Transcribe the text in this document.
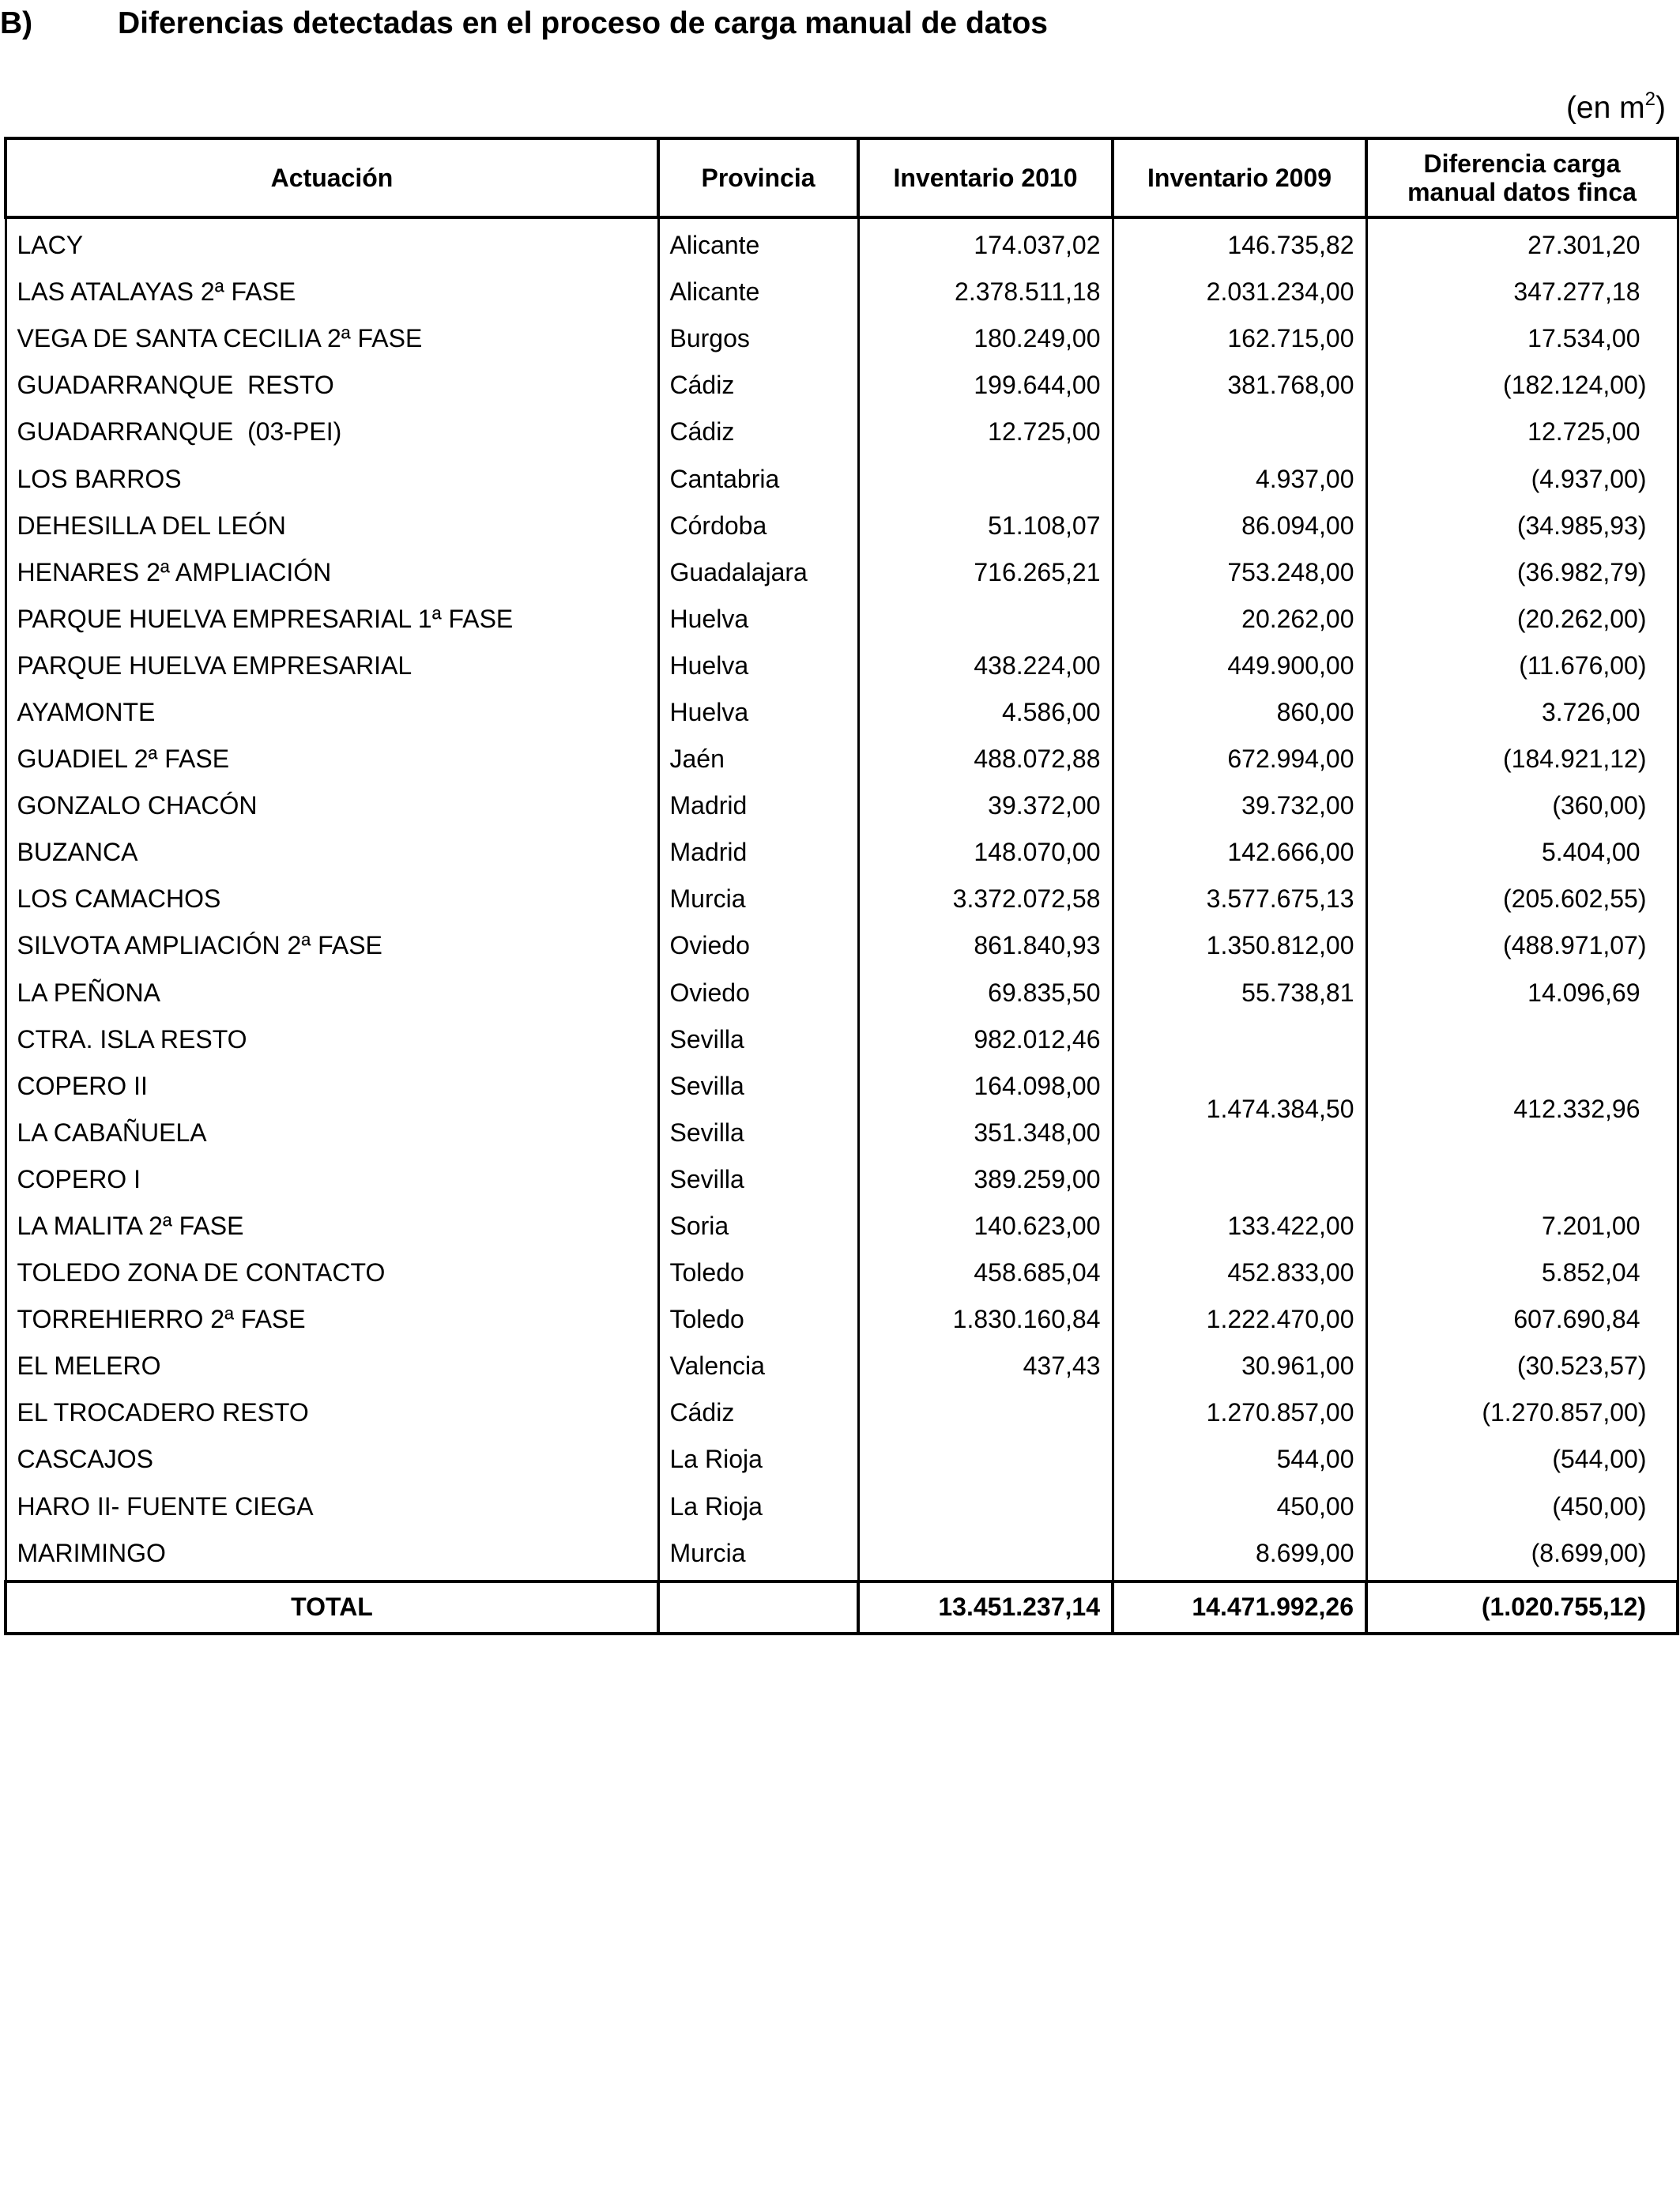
B)	Diferencias detectadas en el proceso de carga manual de datos
(en $m^2$)
Actuación	Provincia	Inventario 2010	Inventario 2009	Diferencia carga
manual datos finca
LACY	Alicante	174.037,02	146.735,82	27.301,20
LAS ATALAYAS 2ª FASE	Alicante	2.378.511,18	2.031.234,00	347.277,18
VEGA DE SANTA CECILIA 2ª FASE	Burgos	180.249,00	162.715,00	17.534,00
GUADARRANQUE  RESTO	Cádiz	199.644,00	381.768,00	(182.124,00)
GUADARRANQUE  (03-PEI)	Cádiz	12.725,00		12.725,00
LOS BARROS	Cantabria		4.937,00	(4.937,00)
DEHESILLA DEL LEÓN	Córdoba	51.108,07	86.094,00	(34.985,93)
HENARES 2ª AMPLIACIÓN	Guadalajara	716.265,21	753.248,00	(36.982,79)
PARQUE HUELVA EMPRESARIAL 1ª FASE	Huelva		20.262,00	(20.262,00)
PARQUE HUELVA EMPRESARIAL	Huelva	438.224,00	449.900,00	(11.676,00)
AYAMONTE	Huelva	4.586,00	860,00	3.726,00
GUADIEL 2ª FASE	Jaén	488.072,88	672.994,00	(184.921,12)
GONZALO CHACÓN	Madrid	39.372,00	39.732,00	(360,00)
BUZANCA	Madrid	148.070,00	142.666,00	5.404,00
LOS CAMACHOS	Murcia	3.372.072,58	3.577.675,13	(205.602,55)
SILVOTA AMPLIACIÓN 2ª FASE	Oviedo	861.840,93	1.350.812,00	(488.971,07)
LA PEÑONA	Oviedo	69.835,50	55.738,81	14.096,69
CTRA. ISLA RESTO	Sevilla	982.012,46	1.474.384,50	412.332,96
COPERO II	Sevilla	164.098,00		
LA CABAÑUELA	Sevilla	351.348,00		
COPERO I	Sevilla	389.259,00		
LA MALITA 2ª FASE	Soria	140.623,00	133.422,00	7.201,00
TOLEDO ZONA DE CONTACTO	Toledo	458.685,04	452.833,00	5.852,04
TORREHIERRO 2ª FASE	Toledo	1.830.160,84	1.222.470,00	607.690,84
EL MELERO	Valencia	437,43	30.961,00	(30.523,57)
EL TROCADERO RESTO	Cádiz		1.270.857,00	(1.270.857,00)
CASCAJOS	La Rioja		544,00	(544,00)
HARO II- FUENTE CIEGA	La Rioja		450,00	(450,00)
MARIMINGO	Murcia		8.699,00	(8.699,00)
TOTAL		13.451.237,14	14.471.992,26	(1.020.755,12)
